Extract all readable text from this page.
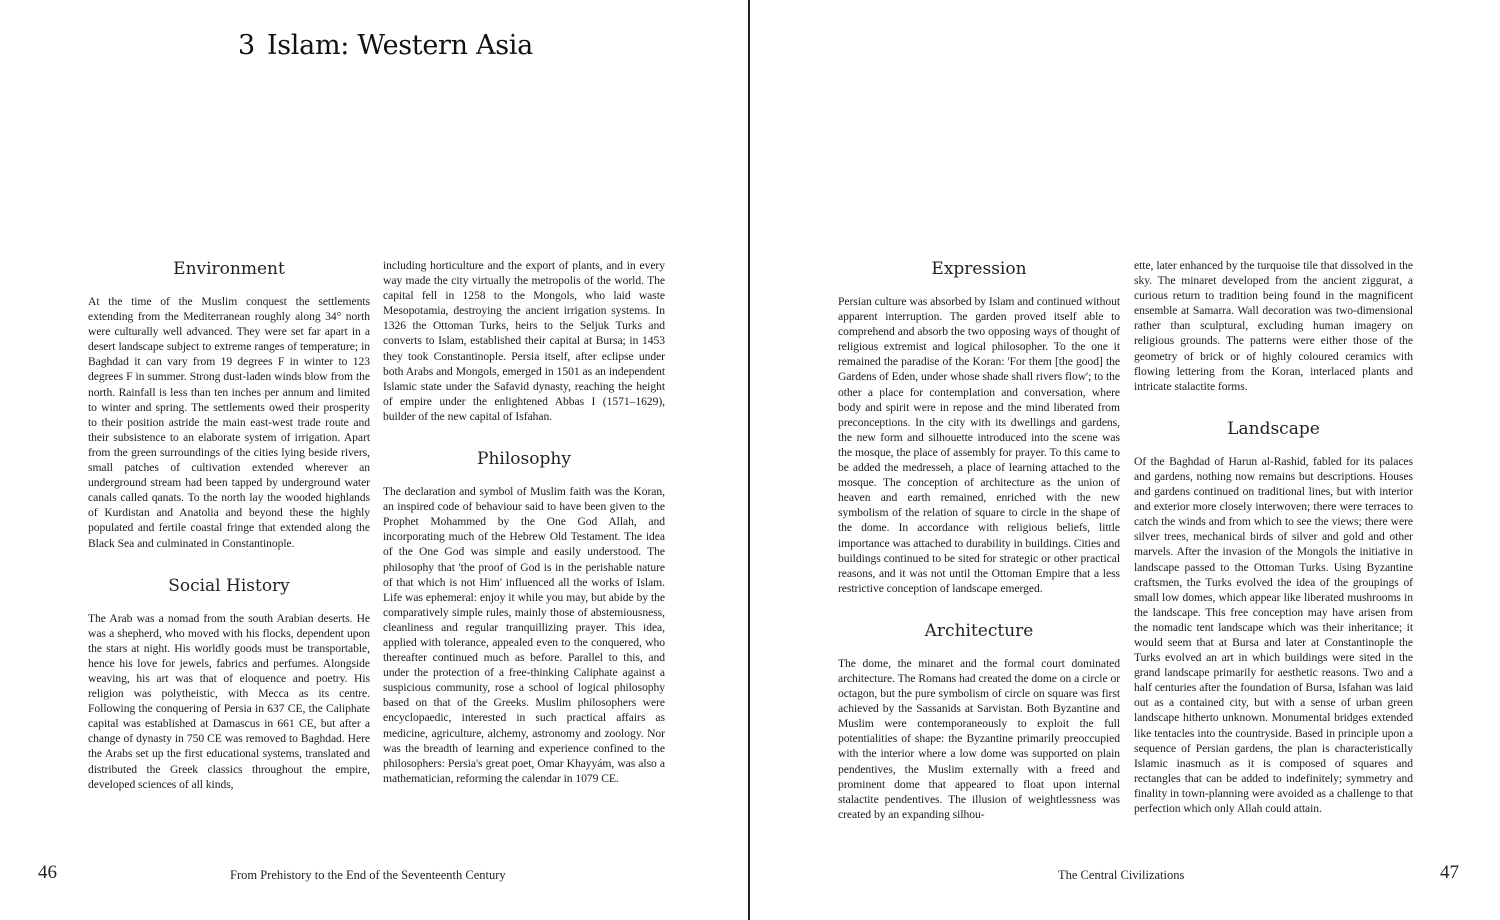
3 Islam: Western Asia
Environment

At the time of the Muslim conquest the settlements extending from the Mediterranean roughly along 34° north were culturally well advanced. They were set far apart in a desert landscape subject to extreme ranges of temperature; in Baghdad it can vary from 19 degrees F in winter to 123 degrees F in summer. Strong dust-laden winds blow from the north. Rainfall is less than ten inches per annum and limited to winter and spring. The settlements owed their prosperity to their position astride the main east-west trade route and their subsistence to an elaborate system of irrigation. Apart from the green surroundings of the cities lying beside rivers, small patches of cultivation extended wherever an underground stream had been tapped by underground water canals called qanats. To the north lay the wooded highlands of Kurdistan and Anatolia and beyond these the highly populated and fertile coastal fringe that extended along the Black Sea and culminated in Constantinople.

Social History

The Arab was a nomad from the south Arabian deserts. He was a shepherd, who moved with his flocks, dependent upon the stars at night. His worldly goods must be transportable, hence his love for jewels, fabrics and perfumes. Alongside weaving, his art was that of eloquence and poetry. His religion was polytheistic, with Mecca as its centre. Following the conquering of Persia in 637 CE, the Caliphate capital was established at Damascus in 661 CE, but after a change of dynasty in 750 CE was removed to Baghdad. Here the Arabs set up the first educational systems, translated and distributed the Greek classics throughout the empire, developed sciences of all kinds,

including horticulture and the export of plants, and in every way made the city virtually the metropolis of the world. The capital fell in 1258 to the Mongols, who laid waste Mesopotamia, destroying the ancient irrigation systems. In 1326 the Ottoman Turks, heirs to the Seljuk Turks and converts to Islam, established their capital at Bursa; in 1453 they took Constantinople. Persia itself, after eclipse under both Arabs and Mongols, emerged in 1501 as an independent Islamic state under the Safavid dynasty, reaching the height of empire under the enlightened Abbas I (1571–1629), builder of the new capital of Isfahan.

Philosophy

The declaration and symbol of Muslim faith was the Koran, an inspired code of behaviour said to have been given to the Prophet Mohammed by the One God Allah, and incorporating much of the Hebrew Old Testament. The idea of the One God was simple and easily understood. The philosophy that 'the proof of God is in the perishable nature of that which is not Him' influenced all the works of Islam. Life was ephemeral: enjoy it while you may, but abide by the comparatively simple rules, mainly those of abstemiousness, cleanliness and regular tranquillizing prayer. This idea, applied with tolerance, appealed even to the conquered, who thereafter continued much as before. Parallel to this, and under the protection of a free-thinking Caliphate against a suspicious community, rose a school of logical philosophy based on that of the Greeks. Muslim philosophers were encyclopaedic, interested in such practical affairs as medicine, agriculture, alchemy, astronomy and zoology. Nor was the breadth of learning and experience confined to the philosophers: Persia's great poet, Omar Khayyám, was also a mathematician, reforming the calendar in 1079 CE.

Expression

Persian culture was absorbed by Islam and continued without apparent interruption. The garden proved itself able to comprehend and absorb the two opposing ways of thought of religious extremist and logical philosopher. To the one it remained the paradise of the Koran: 'For them [the good] the Gardens of Eden, under whose shade shall rivers flow'; to the other a place for contemplation and conversation, where body and spirit were in repose and the mind liberated from preconceptions. In the city with its dwellings and gardens, the new form and silhouette introduced into the scene was the mosque, the place of assembly for prayer. To this came to be added the medresseh, a place of learning attached to the mosque. The conception of architecture as the union of heaven and earth remained, enriched with the new symbolism of the relation of square to circle in the shape of the dome. In accordance with religious beliefs, little importance was attached to durability in buildings. Cities and buildings continued to be sited for strategic or other practical reasons, and it was not until the Ottoman Empire that a less restrictive conception of landscape emerged.

Architecture

The dome, the minaret and the formal court dominated architecture. The Romans had created the dome on a circle or octagon, but the pure symbolism of circle on square was first achieved by the Sassanids at Sarvistan. Both Byzantine and Muslim were contemporaneously to exploit the full potentialities of shape: the Byzantine primarily preoccupied with the interior where a low dome was supported on plain pendentives, the Muslim externally with a freed and prominent dome that appeared to float upon internal stalactite pendentives. The illusion of weightlessness was created by an expanding silhou-

ette, later enhanced by the turquoise tile that dissolved in the sky. The minaret developed from the ancient ziggurat, a curious return to tradition being found in the magnificent ensemble at Samarra. Wall decoration was two-dimensional rather than sculptural, excluding human imagery on religious grounds. The patterns were either those of the geometry of brick or of highly coloured ceramics with flowing lettering from the Koran, interlaced plants and intricate stalactite forms.

Landscape

Of the Baghdad of Harun al-Rashid, fabled for its palaces and gardens, nothing now remains but descriptions. Houses and gardens continued on traditional lines, but with interior and exterior more closely interwoven; there were terraces to catch the winds and from which to see the views; there were silver trees, mechanical birds of silver and gold and other marvels. After the invasion of the Mongols the initiative in landscape passed to the Ottoman Turks. Using Byzantine craftsmen, the Turks evolved the idea of the groupings of small low domes, which appear like liberated mushrooms in the landscape. This free conception may have arisen from the nomadic tent landscape which was their inheritance; it would seem that at Bursa and later at Constantinople the Turks evolved an art in which buildings were sited in the grand landscape primarily for aesthetic reasons. Two and a half centuries after the foundation of Bursa, Isfahan was laid out as a contained city, but with a sense of urban green landscape hitherto unknown. Monumental bridges extended like tentacles into the countryside. Based in principle upon a sequence of Persian gardens, the plan is characteristically Islamic inasmuch as it is composed of squares and rectangles that can be added to indefinitely; symmetry and finality in town-planning were avoided as a challenge to that perfection which only Allah could attain.

46	From Prehistory to the End of the Seventeenth Century	The Central Civilizations	47
